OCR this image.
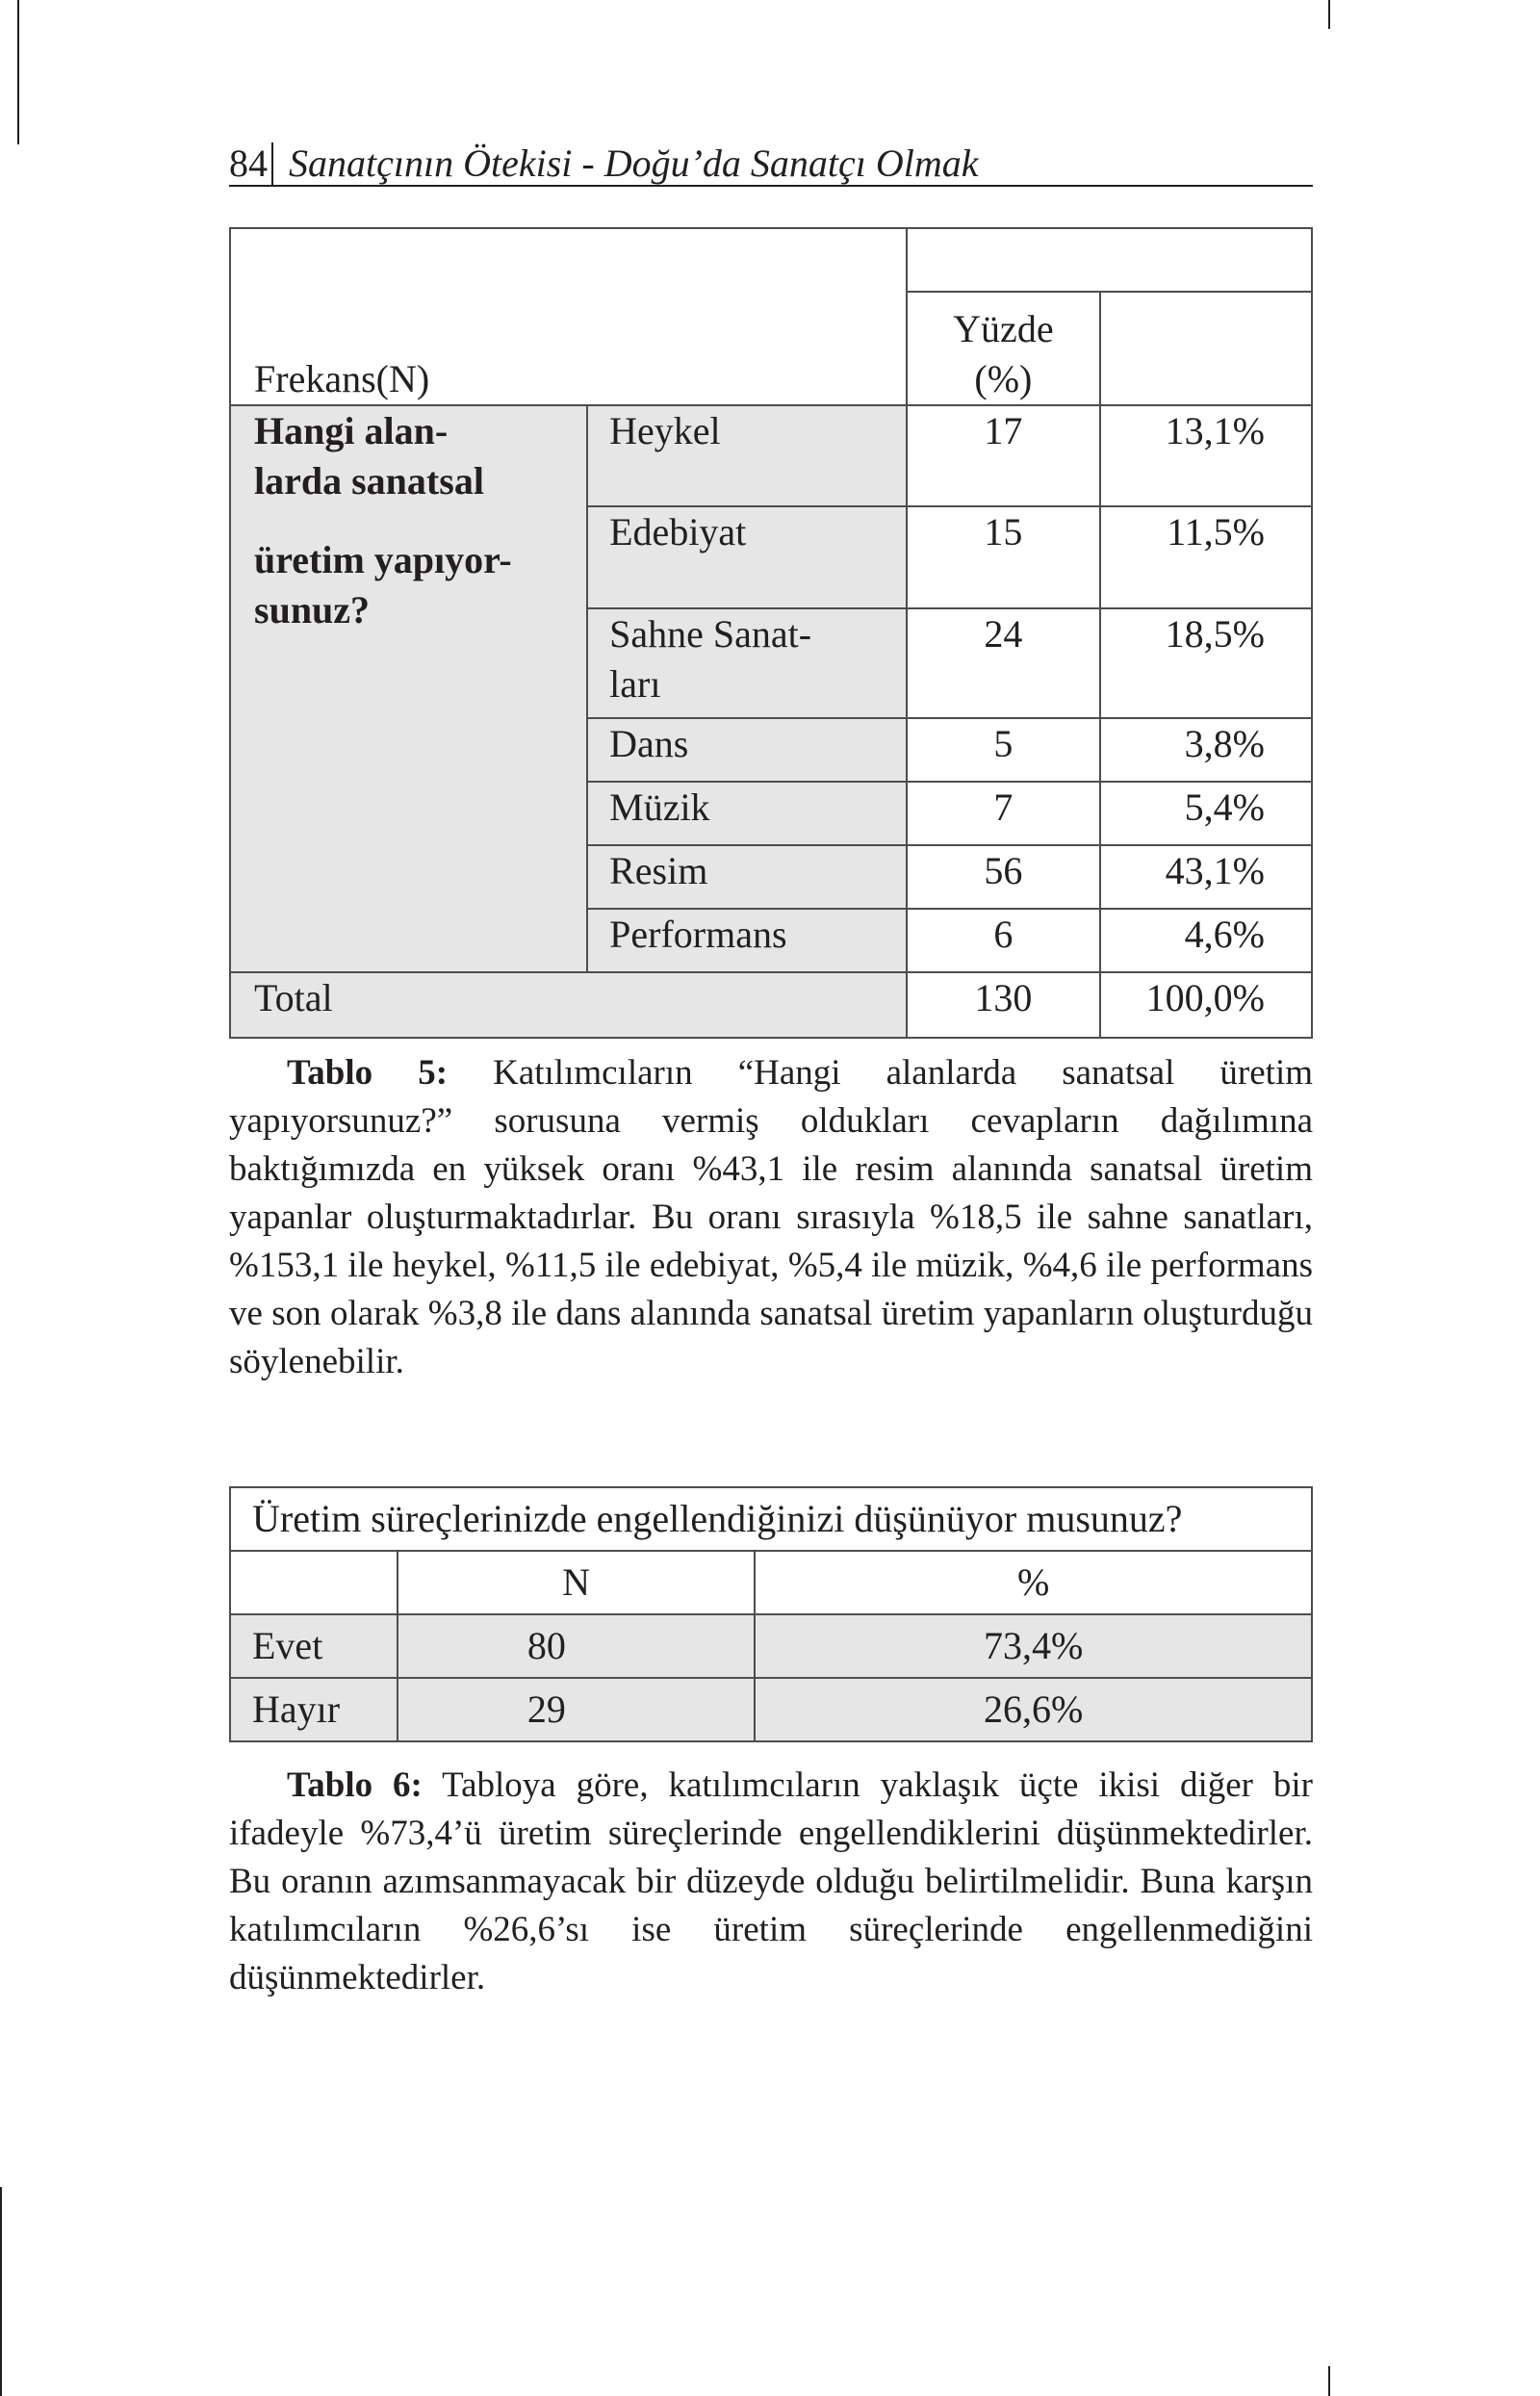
84 Sanatçının Ötekisi - Doğu’da Sanatçı Olmak
Frekans(N)			

		Yüzde
(%)	

Hangi alan-
larda sanatsal
üretim yapıyor-
sunuz?	Heykel	17	13,1%
	Edebiyat	15	11,5%

	Sahne Sanat-
ları	24	18,5%
	Dans	5	3,8%
	Müzik	7	5,4%
	Resim	56	43,1%
	Performans	6	4,6%
Total		130	100,0%
Tablo 5: Katılımcıların “Hangi alanlarda sanatsal üretim yapıyorsunuz?” sorusuna vermiş oldukları cevapların dağılımına baktığımızda en yüksek oranı %43,1 ile resim alanında sanatsal üretim yapanlar oluşturmaktadırlar. Bu oranı sırasıyla %18,5 ile sahne sanatları, %153,1 ile heykel, %11,5 ile edebiyat, %5,4 ile müzik, %4,6 ile performans ve son olarak %3,8 ile dans alanında sanatsal üretim yapanların oluşturduğu söylenebilir.
Üretim süreçlerinizde engellendiğinizi düşünüyor musunuz?		
	N	%
Evet	80	73,4%
Hayır	29	26,6%
Tablo 6: Tabloya göre, katılımcıların yaklaşık üçte ikisi diğer bir ifadeyle %73,4’ü üretim süreçlerinde engellendiklerini düşünmektedirler. Bu oranın azımsanmayacak bir düzeyde olduğu belirtilmelidir. Buna karşın katılımcıların %26,6’sı ise üretim süreçlerinde engellenmediğini düşünmektedirler.
